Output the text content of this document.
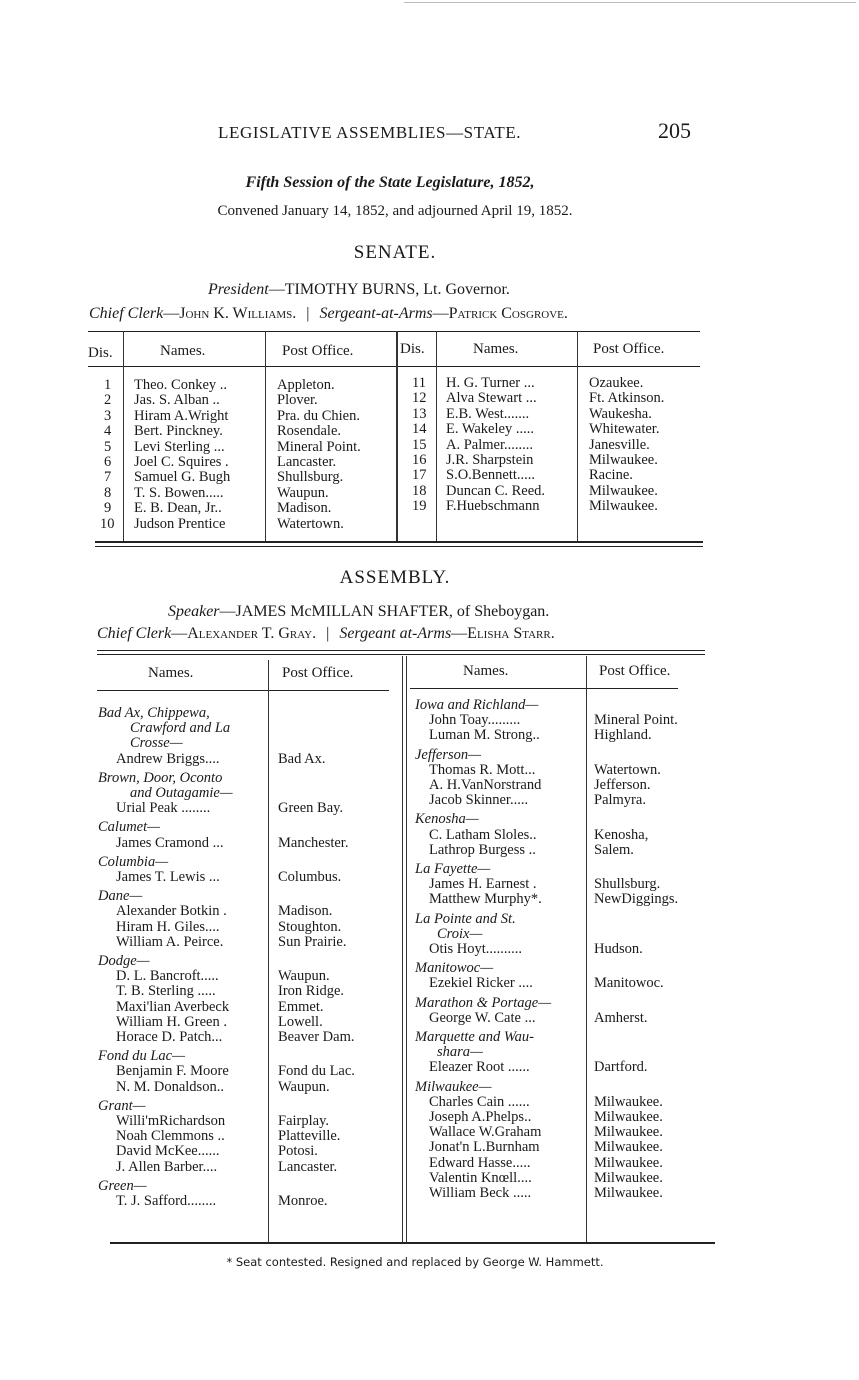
LEGISLATIVE ASSEMBLIES—STATE.	205
Fifth Session of the State Legislature, 1852,
Convened January 14, 1852, and adjourned April 19, 1852.
SENATE.
President—TIMOTHY BURNS, Lt. Governor.
Chief Clerk—John K. Williams. | Sergeant-at-Arms—Patrick Cosgrove.
Dis.	Names.	Post Office.	Dis.	Names.	Post Office.
1 Theo. Conkey ..	Appleton.
2 Jas. S. Alban ..	Plover.
3 Hiram A.Wright	Pra. du Chien.
4 Bert. Pinckney.	Rosendale.
5 Levi Sterling ...	Mineral Point.
6 Joel C. Squires .	Lancaster.
7 Samuel G. Bugh	Shullsburg.
8 T. S. Bowen.....	Waupun.
9 E. B. Dean, Jr..	Madison.
10 Judson Prentice	Watertown.
11 H. G. Turner ...	Ozaukee.
12 Alva Stewart ...	Ft. Atkinson.
13 E.B. West.......	Waukesha.
14 E. Wakeley .....	Whitewater.
15 A. Palmer........	Janesville.
16 J.R. Sharpstein	Milwaukee.
17 S.O.Bennett.....	Racine.
18 Duncan C. Reed.	Milwaukee.
19 F.Huebschmann	Milwaukee.
ASSEMBLY.
Speaker—JAMES McMILLAN SHAFTER, of Sheboygan.
Chief Clerk—Alexander T. Gray. | Sergeant at-Arms—Elisha Starr.
Names.	Post Office.	Names.	Post Office.
Bad Ax, Chippewa,
Crawford and La
Crosse—
Andrew Briggs....	Bad Ax.
Brown, Door, Oconto
and Outagamie—
Urial Peak ........	Green Bay.
Calumet—
James Cramond ...	Manchester.
Columbia—
James T. Lewis ...	Columbus.
Dane—
Alexander Botkin .	Madison.
Hiram H. Giles....	Stoughton.
William A. Peirce.	Sun Prairie.
Dodge—
D. L. Bancroft.....	Waupun.
T. B. Sterling .....	Iron Ridge.
Maxi'lian Averbeck	Emmet.
William H. Green .	Lowell.
Horace D. Patch...	Beaver Dam.
Fond du Lac—
Benjamin F. Moore	Fond du Lac.
N. M. Donaldson..	Waupun.
Grant—
Willi'mRichardson	Fairplay.
Noah Clemmons ..	Platteville.
David McKee......	Potosi.
J. Allen Barber....	Lancaster.
Green—
T. J. Safford........	Monroe.
Iowa and Richland—
John Toay.........	Mineral Point.
Luman M. Strong..	Highland.
Jefferson—
Thomas R. Mott...	Watertown.
A. H.VanNorstrand	Jefferson.
Jacob Skinner.....	Palmyra.
Kenosha—
C. Latham Sloles..	Kenosha,
Lathrop Burgess ..	Salem.
La Fayette—
James H. Earnest .	Shullsburg.
Matthew Murphy*.	NewDiggings.
La Pointe and St.
Croix—
Otis Hoyt..........	Hudson.
Manitowoc—
Ezekiel Ricker ....	Manitowoc.
Marathon & Portage—
George W. Cate ...	Amherst.
Marquette and Wau-
shara—
Eleazer Root ......	Dartford.
Milwaukee—
Charles Cain ......	Milwaukee.
Joseph A.Phelps..	Milwaukee.
Wallace W.Graham	Milwaukee.
Jonat'n L.Burnham	Milwaukee.
Edward Hasse.....	Milwaukee.
Valentin Knœll....	Milwaukee.
William Beck .....	Milwaukee.
* Seat contested. Resigned and replaced by George W. Hammett.
